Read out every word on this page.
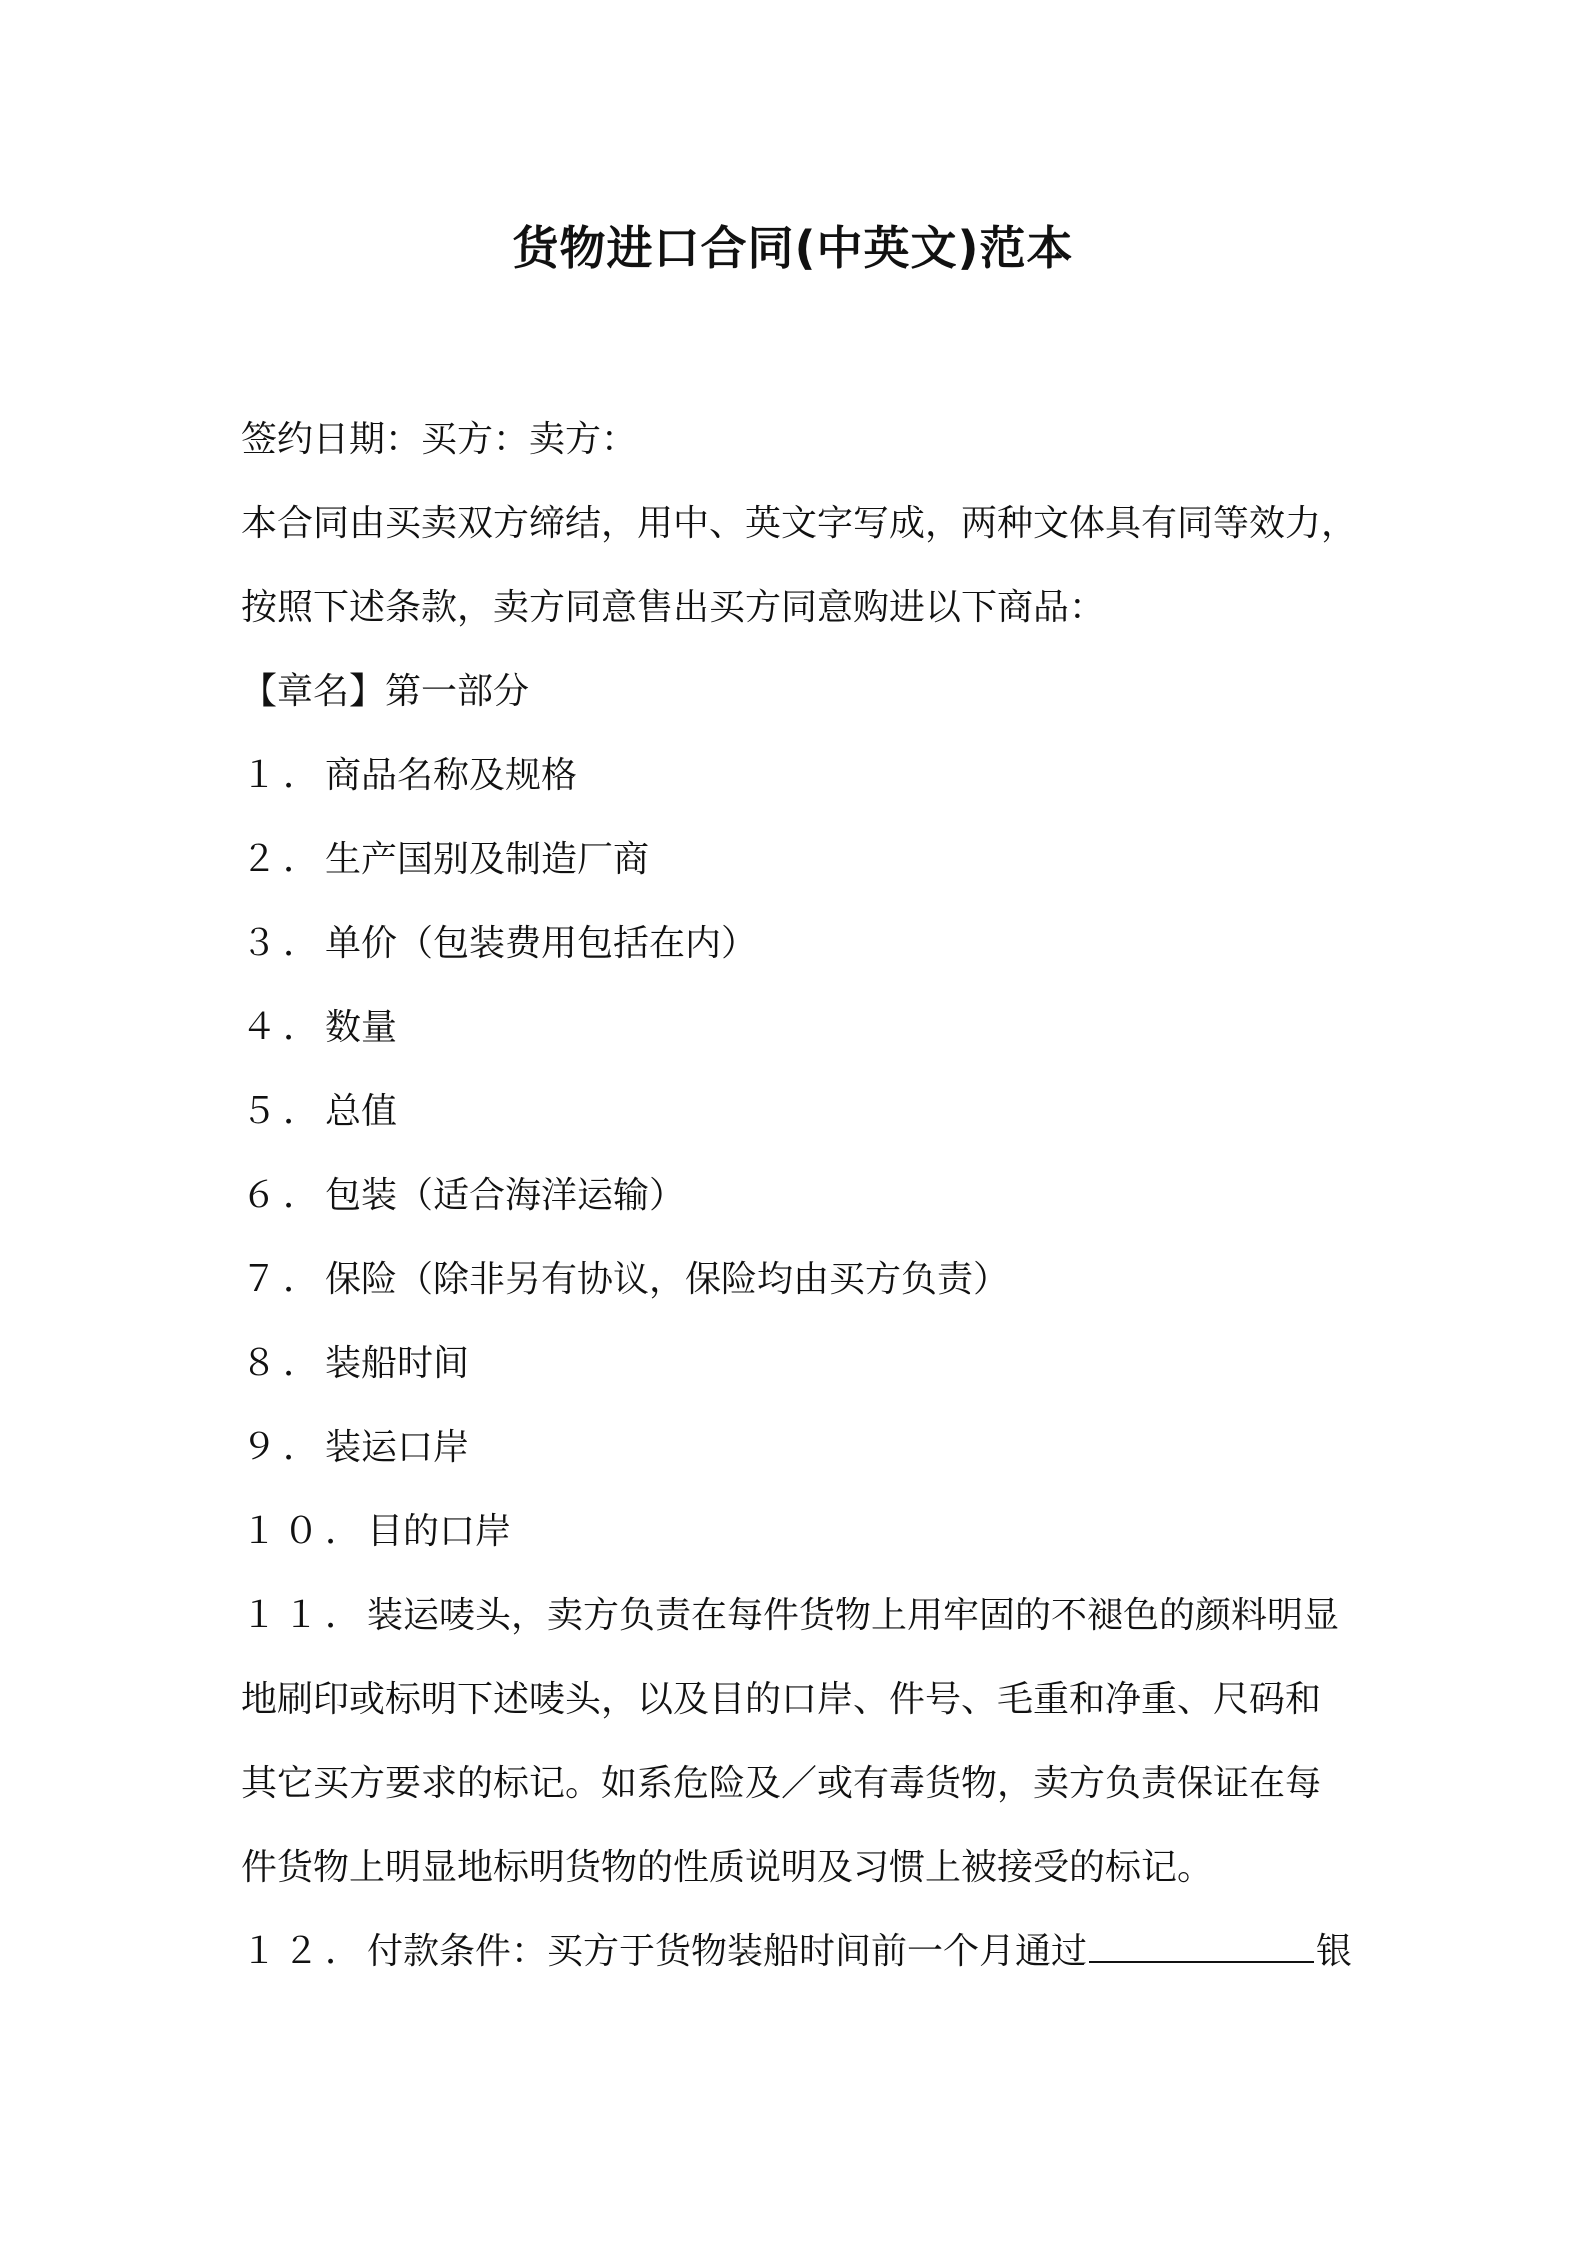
货物进口合同(中英文)范本
签约日期：买方：卖方：
本合同由买卖双方缔结，用中、英文字写成，两种文体具有同等效力，
按照下述条款，卖方同意售出买方同意购进以下商品：
【章名】第一部分
１．商品名称及规格
２．生产国别及制造厂商
３．单价（包装费用包括在内）
４．数量
５．总值
６．包装（适合海洋运输）
７．保险（除非另有协议，保险均由买方负责）
８．装船时间
９．装运口岸
１０．目的口岸
１１．装运唛头，卖方负责在每件货物上用牢固的不褪色的颜料明显
地刷印或标明下述唛头，以及目的口岸、件号、毛重和净重、尺码和
其它买方要求的标记。如系危险及／或有毒货物，卖方负责保证在每
件货物上明显地标明货物的性质说明及习惯上被接受的标记。
１２．付款条件：买方于货物装船时间前一个月通过	银
